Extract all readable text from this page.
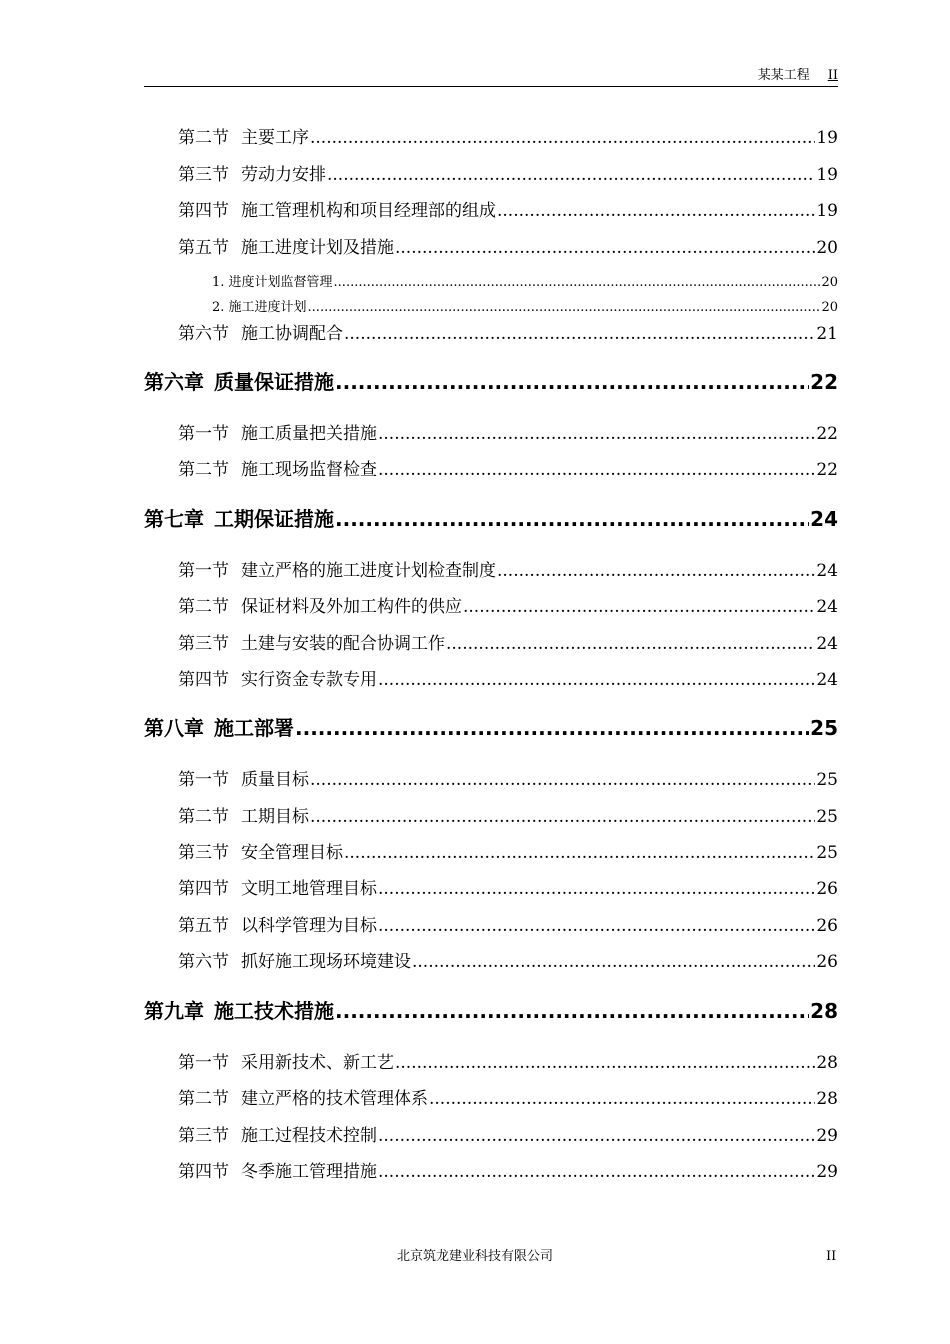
某某工程 II
第二节 主要工序 .....	19
第三节 劳动力安排 .....	19
第四节 施工管理机构和项目经理部的组成 .....	19
第五节 施工进度计划及措施 .....	20
1. 进度计划监督管理 .....	20
2. 施工进度计划 .....	20
第六节 施工协调配合 .....	21
第六章 质量保证措施 .....	22
第一节 施工质量把关措施 .....	22
第二节 施工现场监督检查 .....	22
第七章 工期保证措施 .....	24
第一节 建立严格的施工进度计划检查制度 .....	24
第二节 保证材料及外加工构件的供应 .....	24
第三节 土建与安装的配合协调工作 .....	24
第四节 实行资金专款专用 .....	24
第八章 施工部署 .....	25
第一节 质量目标 .....	25
第二节 工期目标 .....	25
第三节 安全管理目标 .....	25
第四节 文明工地管理目标 .....	26
第五节 以科学管理为目标 .....	26
第六节 抓好施工现场环境建设 .....	26
第九章 施工技术措施 .....	28
第一节 采用新技术、新工艺 .....	28
第二节 建立严格的技术管理体系 .....	28
第三节 施工过程技术控制 .....	29
第四节 冬季施工管理措施 .....	29
北京筑龙建业科技有限公司	II
